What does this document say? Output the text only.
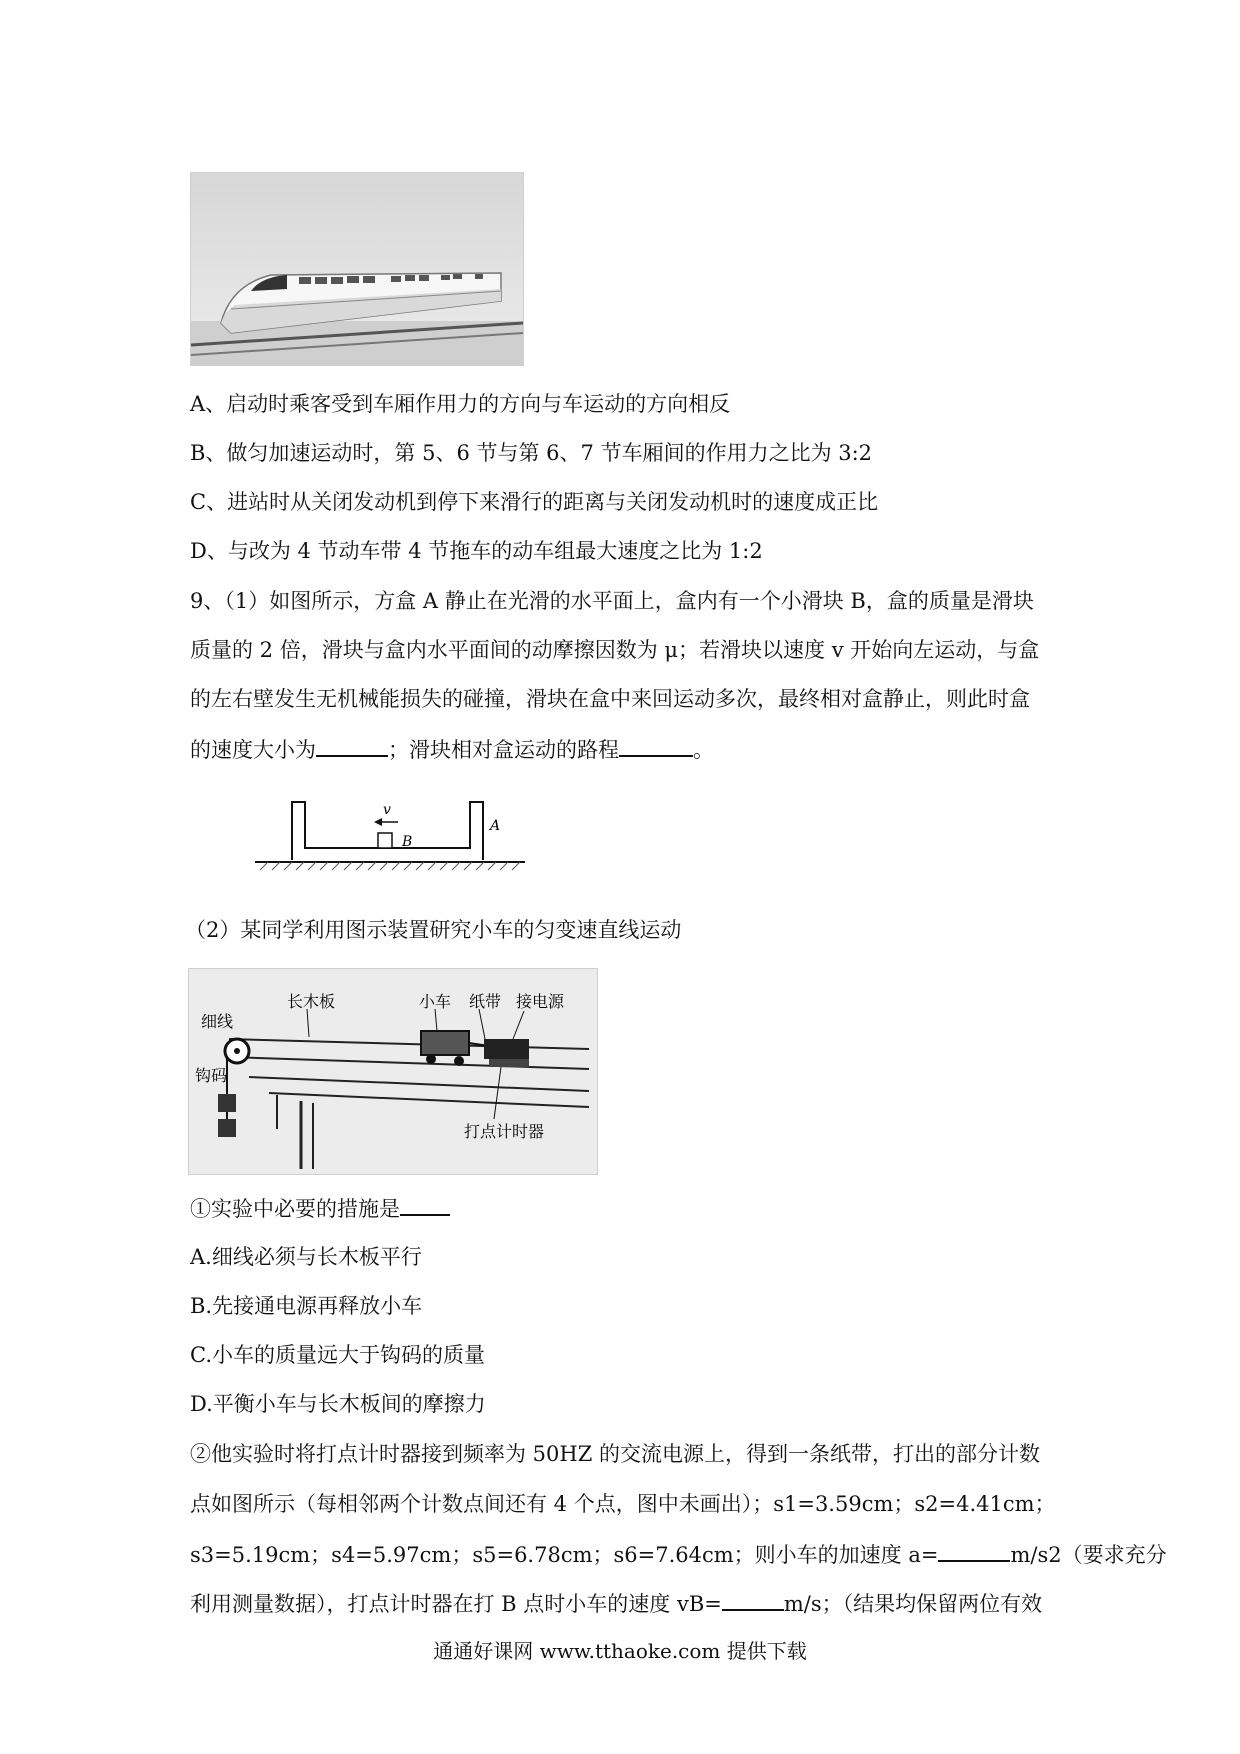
A、启动时乘客受到车厢作用力的方向与车运动的方向相反
B、做匀加速运动时，第 5、6 节与第 6、7 节车厢间的作用力之比为 3:2
C、进站时从关闭发动机到停下来滑行的距离与关闭发动机时的速度成正比
D、与改为 4 节动车带 4 节拖车的动车组最大速度之比为 1:2
9、（1）如图所示，方盒 A 静止在光滑的水平面上，盒内有一个小滑块 B，盒的质量是滑块
质量的 2 倍，滑块与盒内水平面间的动摩擦因数为 μ；若滑块以速度 v 开始向左运动，与盒
的左右壁发生无机械能损失的碰撞，滑块在盒中来回运动多次，最终相对盒静止，则此时盒
的速度大小为	；滑块相对盒运动的路程	。
v
B
A
（2）某同学利用图示装置研究小车的匀变速直线运动
长木板	小车 纸带 接电源
细线
钩码
打点计时器
①实验中必要的措施是
A.细线必须与长木板平行
B.先接通电源再释放小车
C.小车的质量远大于钩码的质量
D.平衡小车与长木板间的摩擦力
②他实验时将打点计时器接到频率为 50HZ 的交流电源上，得到一条纸带，打出的部分计数
点如图所示（每相邻两个计数点间还有 4 个点，图中未画出）；s1=3.59cm；s2=4.41cm；
s3=5.19cm；s4=5.97cm；s5=6.78cm；s6=7.64cm；则小车的加速度 a=	m/s2（要求充分
利用测量数据），打点计时器在打 B 点时小车的速度 vB=	m/s；（结果均保留两位有效
通通好课网 www.tthaoke.com 提供下载
